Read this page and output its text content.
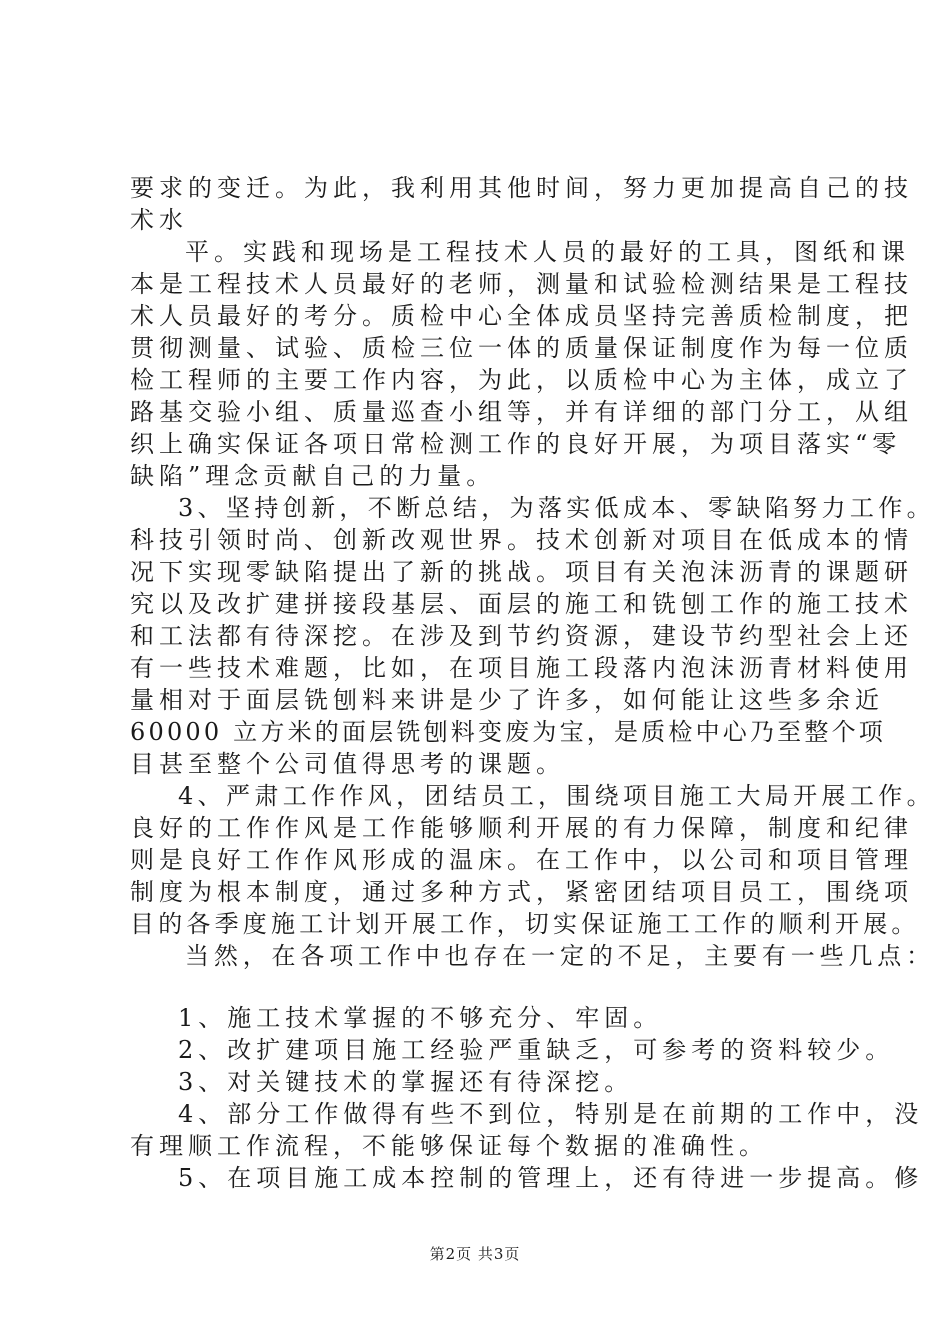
要求的变迁。为此，我利用其他时间，努力更加提高自己的技
术水
平。实践和现场是工程技术人员的最好的工具，图纸和课
本是工程技术人员最好的老师，测量和试验检测结果是工程技
术人员最好的考分。质检中心全体成员坚持完善质检制度，把
贯彻测量、试验、质检三位一体的质量保证制度作为每一位质
检工程师的主要工作内容，为此，以质检中心为主体，成立了
路基交验小组、质量巡查小组等，并有详细的部门分工，从组
织上确实保证各项日常检测工作的良好开展，为项目落实“零
缺陷”理念贡献自己的力量。
3、坚持创新，不断总结，为落实低成本、零缺陷努力工作。
科技引领时尚、创新改观世界。技术创新对项目在低成本的情
况下实现零缺陷提出了新的挑战。项目有关泡沫沥青的课题研
究以及改扩建拼接段基层、面层的施工和铣刨工作的施工技术
和工法都有待深挖。在涉及到节约资源，建设节约型社会上还
有一些技术难题，比如，在项目施工段落内泡沫沥青材料使用
量相对于面层铣刨料来讲是少了许多，如何能让这些多余近
60000 立方米的面层铣刨料变废为宝，是质检中心乃至整个项
目甚至整个公司值得思考的课题。
4、严肃工作作风，团结员工，围绕项目施工大局开展工作。
良好的工作作风是工作能够顺利开展的有力保障，制度和纪律
则是良好工作作风形成的温床。在工作中，以公司和项目管理
制度为根本制度，通过多种方式，紧密团结项目员工，围绕项
目的各季度施工计划开展工作，切实保证施工工作的顺利开展。
当然，在各项工作中也存在一定的不足，主要有一些几点：
1、施工技术掌握的不够充分、牢固。
2、改扩建项目施工经验严重缺乏，可参考的资料较少。
3、对关键技术的掌握还有待深挖。
4、部分工作做得有些不到位，特别是在前期的工作中，没
有理顺工作流程，不能够保证每个数据的准确性。
5、在项目施工成本控制的管理上，还有待进一步提高。修
第2页 共3页
